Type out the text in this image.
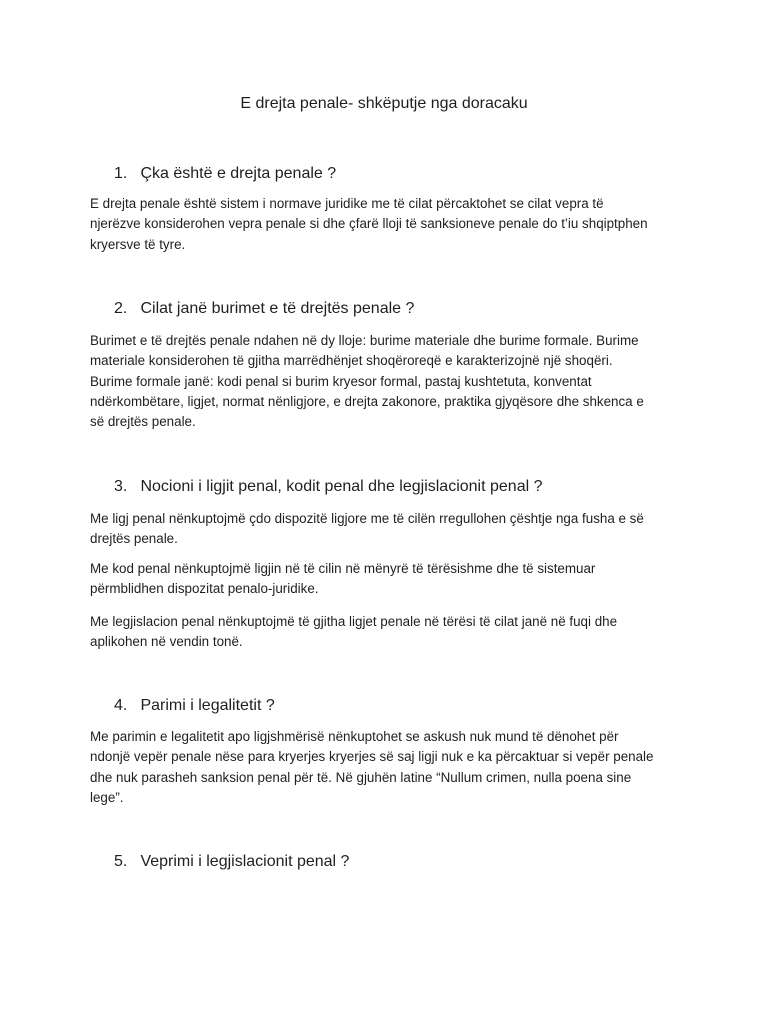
E drejta penale- shkëputje nga doracaku
1. Çka është e drejta penale ?

E drejta penale është sistem i normave juridike me të cilat përcaktohet se cilat vepra të
njerëzve konsiderohen vepra penale si dhe çfarë lloji të sanksioneve penale do t’iu shqiptphen
kryersve të tyre.

2. Cilat janë burimet e të drejtës penale ?

Burimet e të drejtës penale ndahen në dy lloje: burime materiale dhe burime formale. Burime
materiale konsiderohen të gjitha marrëdhënjet shoqëroreqë e karakterizojnë një shoqëri.
Burime formale janë: kodi penal si burim kryesor formal, pastaj kushtetuta, konventat
ndërkombëtare, ligjet, normat nënligjore, e drejta zakonore, praktika gjyqësore dhe shkenca e
së drejtës penale.

3. Nocioni i ligjit penal, kodit penal dhe legjislacionit penal ?

Me ligj penal nënkuptojmë çdo dispozitë ligjore me të cilën rregullohen çështje nga fusha e së
drejtës penale.

Me kod penal nënkuptojmë ligjin në të cilin në mënyrë të tërësishme dhe të sistemuar
përmblidhen dispozitat penalo-juridike.

Me legjislacion penal nënkuptojmë të gjitha ligjet penale në tërësi të cilat janë në fuqi dhe
aplikohen në vendin tonë.

4. Parimi i legalitetit ?

Me parimin e legalitetit apo ligjshmërisë nënkuptohet se askush nuk mund të dënohet për
ndonjë vepër penale nëse para kryerjes kryerjes së saj ligji nuk e ka përcaktuar si vepër penale
dhe nuk parasheh sanksion penal për të. Në gjuhën latine “Nullum crimen, nulla poena sine
lege”.

5. Veprimi i legjislacionit penal ?
